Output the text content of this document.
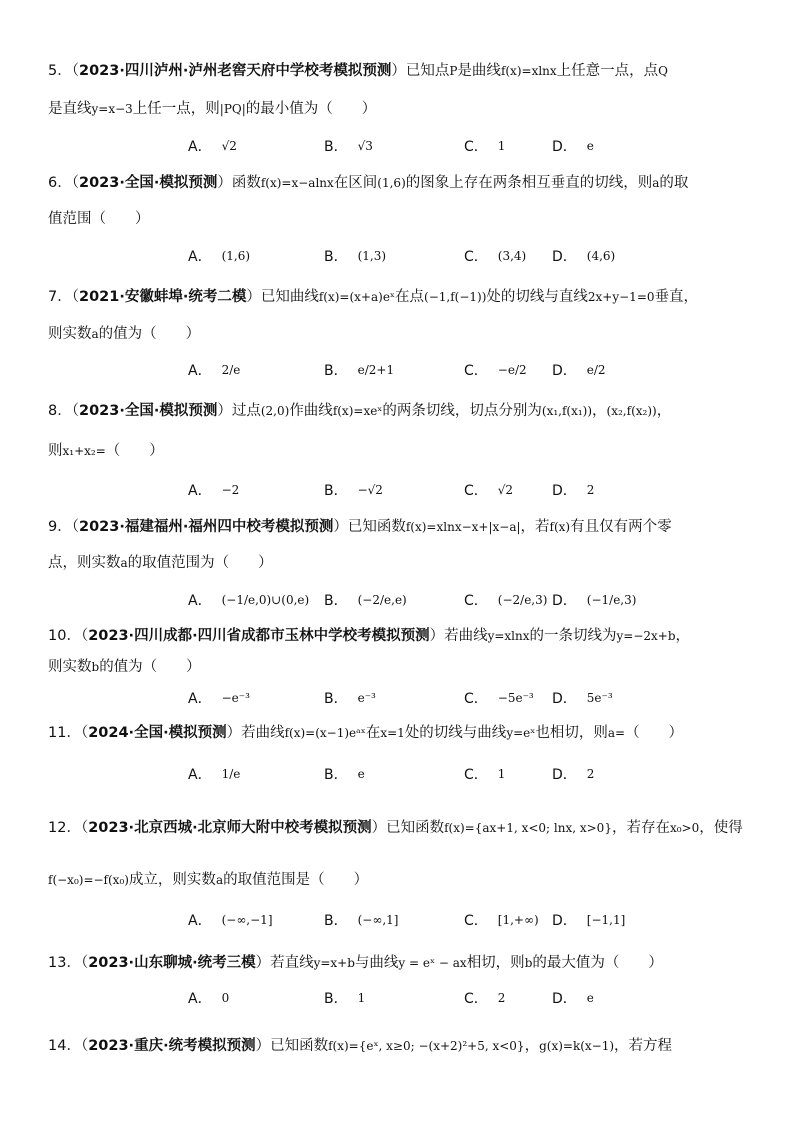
5．（2023·四川泸州·泸州老窖天府中学校考模拟预测）已知点P是曲线f(x)=xlnx上任意一点，点Q
是直线y=x−3上任一点，则|PQ|的最小值为（　　）
A． √2	B． √3	C． 1	D． e
6．（2023·全国·模拟预测）函数f(x)=x−alnx在区间(1,6)的图象上存在两条相互垂直的切线，则a的取
值范围（　　）
A． (1,6)	B． (1,3)	C． (3,4) D． (4,6)
7．（2021·安徽蚌埠·统考二模）已知曲线f(x)=(x+a)eˣ在点(−1,f(−1))处的切线与直线2x+y−1=0垂直，
则实数a的值为（　　）
A． 2/e	B． e/2+1	C． −e/2 D． e/2
8．（2023·全国·模拟预测）过点(2,0)作曲线f(x)=xeˣ的两条切线，切点分别为(x₁,f(x₁))，(x₂,f(x₂))，
则x₁+x₂=（　　）
A． −2	B． −√2	C． √2	D． 2
9．（2023·福建福州·福州四中校考模拟预测）已知函数f(x)=xlnx−x+|x−a|，若f(x)有且仅有两个零
点，则实数a的取值范围为（　　）
A． (−1/e,0)∪(0,e) B． (−2/e,e)	C． (−2/e,3) D． (−1/e,3)
10．（2023·四川成都·四川省成都市玉林中学校考模拟预测）若曲线y=xlnx的一条切线为y=−2x+b，
则实数b的值为（　　）
A． −e⁻³	B． e⁻³	C． −5e⁻³ D． 5e⁻³
11．（2024·全国·模拟预测）若曲线f(x)=(x−1)eᵃˣ在x=1处的切线与曲线y=eˣ也相切，则a=（　　）
A． 1/e	B． e	C． 1	D． 2
12．（2023·北京西城·北京师大附中校考模拟预测）已知函数f(x)={ax+1, x<0; lnx, x>0}，若存在x₀>0，使得
f(−x₀)=−f(x₀)成立，则实数a的取值范围是（　　）
A． (−∞,−1]	B． (−∞,1]	C． [1,+∞) D． [−1,1]
13．（2023·山东聊城·统考三模）若直线y=x+b与曲线y = eˣ − ax相切，则b的最大值为（　　）
A． 0	B． 1	C． 2	D． e
14．（2023·重庆·统考模拟预测）已知函数f(x)={eˣ, x≥0; −(x+2)²+5, x<0}，g(x)=k(x−1)，若方程
